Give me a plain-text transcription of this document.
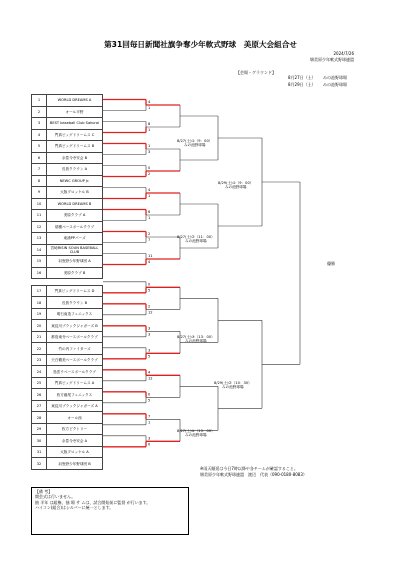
第31回毎日新聞社旗争奪少年軟式野球　美原大会組合せ
2024/7/26
堺美原少年軟式野球連盟
【会場・グラウンド】
8月27日（土） みの池野球場
8月29日（土） みの池野球場
1	WORLD DREAMS A
2	オール平野
3	BEST baseball Club Sakurai
4	門真ビッグドリームス C
5	門真ビッグドリームス B
6	余豊今寺安会 B
7	長曽クラウン A
8	NEWC GROUP Jr.
9	大阪プロッケル B
10	WORLD DREAMS B
11	美原クラブ A
12	瑞穂ベースボールクラブ
13	東浦PPパーズ
14	宮崎RISIN SOUN BASEBALL CLUB
15	羽曳野少年野球団 A
16	美原クラブ B

17	門真ビッグドリームス D
18	長曽クラウン B
19	明石南造フェニックス
20	東淀川ブラックジャガーズ B
21	都島東寺ベースボールクラブ
22	竹の内ファイターズ
23	天白鶴美ベースボールクラブ
24	島雲ウベースボールクラブ
25	門真ビッグドリームス A
26	枚方藤尾フェニックス
27	東淀川ブラックジャガーズ A
28	オール西
29	枚方ピクトリー
30	余豊今寺安会 A
31	大阪プロッケル A
32	羽曳野少年野球団 B
4
1
8
1
1
3
0
2
4
1
6
1
2
7
11
4
0
5
2
12
3
3
3
5
4
12
0
5
7
1
3
0
8/27(土)①（9：00）
みの池野球場
8/29(土)①（9：00）
みの池野球場
8/27(土)②（11：00）
みの池野球場
8/27(土)③（13：00）
みの池野球場
8/29(土)②（10：30）
みの池野球場
8/27(土)④（15：00）
みの池野球場
優勝
※雨天順延は今日7時以降や各チームが確認すること。
堺美原少年軟式野球連盟　渡辺　代表（090-0180-8083）
【備 考】
開会式は行いません。
抽 半年 は組権、抽 場 サ ムは、試合開始前に監督 が行います。
ハイコン(組合)はシルバーに統一とします。
